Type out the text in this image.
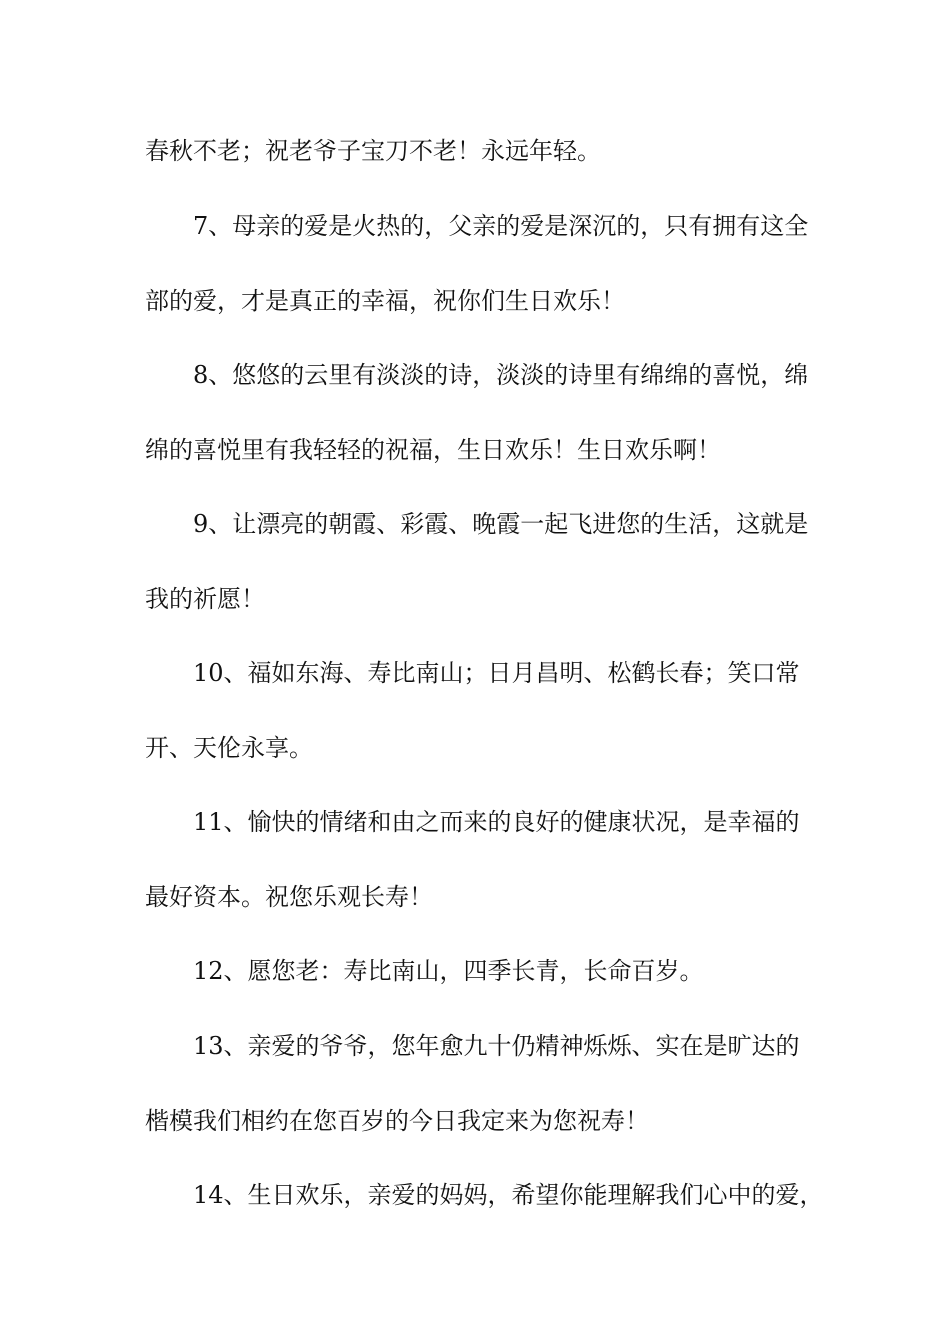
春秋不老；祝老爷子宝刀不老！永远年轻。
7、母亲的爱是火热的，父亲的爱是深沉的，只有拥有这全
部的爱，才是真正的幸福，祝你们生日欢乐！
8、悠悠的云里有淡淡的诗，淡淡的诗里有绵绵的喜悦，绵
绵的喜悦里有我轻轻的祝福，生日欢乐！生日欢乐啊！
9、让漂亮的朝霞、彩霞、晚霞一起飞进您的生活，这就是
我的祈愿！
10、福如东海、寿比南山；日月昌明、松鹤长春；笑口常
开、天伦永享。
11、愉快的情绪和由之而来的良好的健康状况，是幸福的
最好资本。祝您乐观长寿！
12、愿您老：寿比南山，四季长青，长命百岁。
13、亲爱的爷爷，您年愈九十仍精神烁烁、实在是旷达的
楷模我们相约在您百岁的今日我定来为您祝寿！
14、生日欢乐，亲爱的妈妈，希望你能理解我们心中的爱，
